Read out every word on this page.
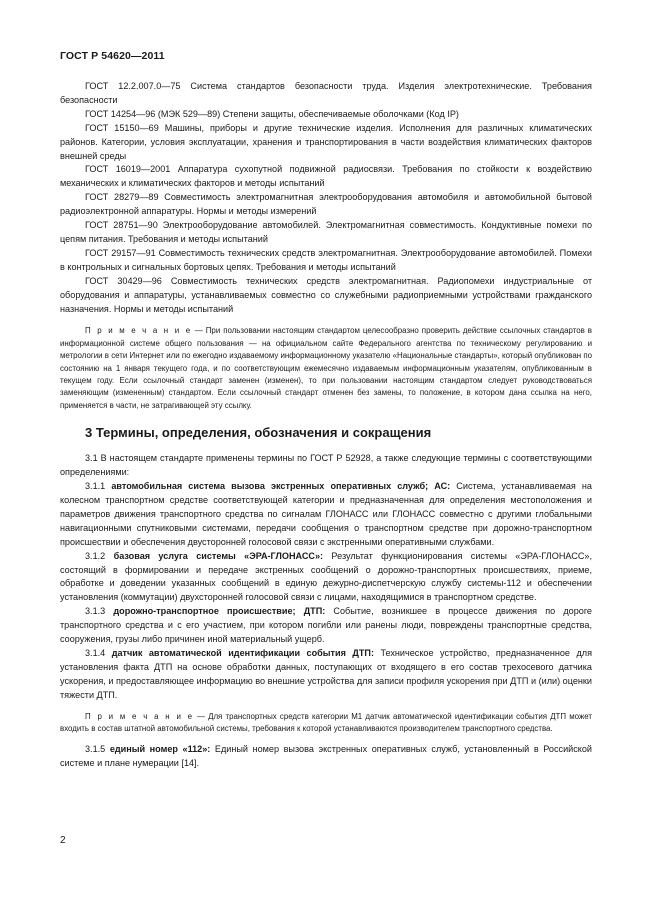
ГОСТ Р 54620—2011

ГОСТ 12.2.007.0—75 Система стандартов безопасности труда. Изделия электротехнические. Требования безопасности

ГОСТ 14254—96 (МЭК 529—89) Степени защиты, обеспечиваемые оболочками (Код IP)

ГОСТ 15150—69 Машины, приборы и другие технические изделия. Исполнения для различных климатических районов. Категории, условия эксплуатации, хранения и транспортирования в части воздействия климатических факторов внешней среды

ГОСТ 16019—2001 Аппаратура сухопутной подвижной радиосвязи. Требования по стойкости к воздействию механических и климатических факторов и методы испытаний

ГОСТ 28279—89 Совместимость электромагнитная электрооборудования автомобиля и автомобильной бытовой радиоэлектронной аппаратуры. Нормы и методы измерений

ГОСТ 28751—90 Электрооборудование автомобилей. Электромагнитная совместимость. Кондуктивные помехи по цепям питания. Требования и методы испытаний

ГОСТ 29157—91 Совместимость технических средств электромагнитная. Электрооборудование автомобилей. Помехи в контрольных и сигнальных бортовых цепях. Требования и методы испытаний

ГОСТ 30429—96 Совместимость технических средств электромагнитная. Радиопомехи индустриальные от оборудования и аппаратуры, устанавливаемых совместно со служебными радиоприемными устройствами гражданского назначения. Нормы и методы испытаний

П р и м е ч а н и е — При пользовании настоящим стандартом целесообразно проверить действие ссылочных стандартов в информационной системе общего пользования — на официальном сайте Федерального агентства по техническому регулированию и метрологии в сети Интернет или по ежегодно издаваемому информационному указателю «Национальные стандарты», который опубликован по состоянию на 1 января текущего года, и по соответствующим ежемесячно издаваемым информационным указателям, опубликованным в текущем году. Если ссылочный стандарт заменен (изменен), то при пользовании настоящим стандартом следует руководствоваться заменяющим (измененным) стандартом. Если ссылочный стандарт отменен без замены, то положение, в котором дана ссылка на него, применяется в части, не затрагивающей эту ссылку.
3 Термины, определения, обозначения и сокращения

3.1 В настоящем стандарте применены термины по ГОСТ Р 52928, а также следующие термины с соответствующими определениями:

3.1.1 автомобильная система вызова экстренных оперативных служб; АС: Система, устанавливаемая на колесном транспортном средстве соответствующей категории и предназначенная для определения местоположения и параметров движения транспортного средства по сигналам ГЛОНАСС или ГЛОНАСС совместно с другими глобальными навигационными спутниковыми системами, передачи сообщения о транспортном средстве при дорожно-транспортном происшествии и обеспечения двусторонней голосовой связи с экстренными оперативными службами.

3.1.2 базовая услуга системы «ЭРА-ГЛОНАСС»: Результат функционирования системы «ЭРА-ГЛОНАСС», состоящий в формировании и передаче экстренных сообщений о дорожно-транспортных происшествиях, приеме, обработке и доведении указанных сообщений в единую дежурно-диспетчерскую службу системы-112 и обеспечении установления (коммутации) двухсторонней голосовой связи с лицами, находящимися в транспортном средстве.

3.1.3 дорожно-транспортное происшествие; ДТП: Событие, возникшее в процессе движения по дороге транспортного средства и с его участием, при котором погибли или ранены люди, повреждены транспортные средства, сооружения, грузы либо причинен иной материальный ущерб.

3.1.4 датчик автоматической идентификации события ДТП: Техническое устройство, предназначенное для установления факта ДТП на основе обработки данных, поступающих от входящего в его состав трехосевого датчика ускорения, и предоставляющее информацию во внешние устройства для записи профиля ускорения при ДТП и (или) оценки тяжести ДТП.

П р и м е ч а н и е — Для транспортных средств категории М1 датчик автоматической идентификации события ДТП может входить в состав штатной автомобильной системы, требования к которой устанавливаются производителем транспортного средства.

3.1.5 единый номер «112»: Единый номер вызова экстренных оперативных служб, установленный в Российской системе и плане нумерации [14].

2
